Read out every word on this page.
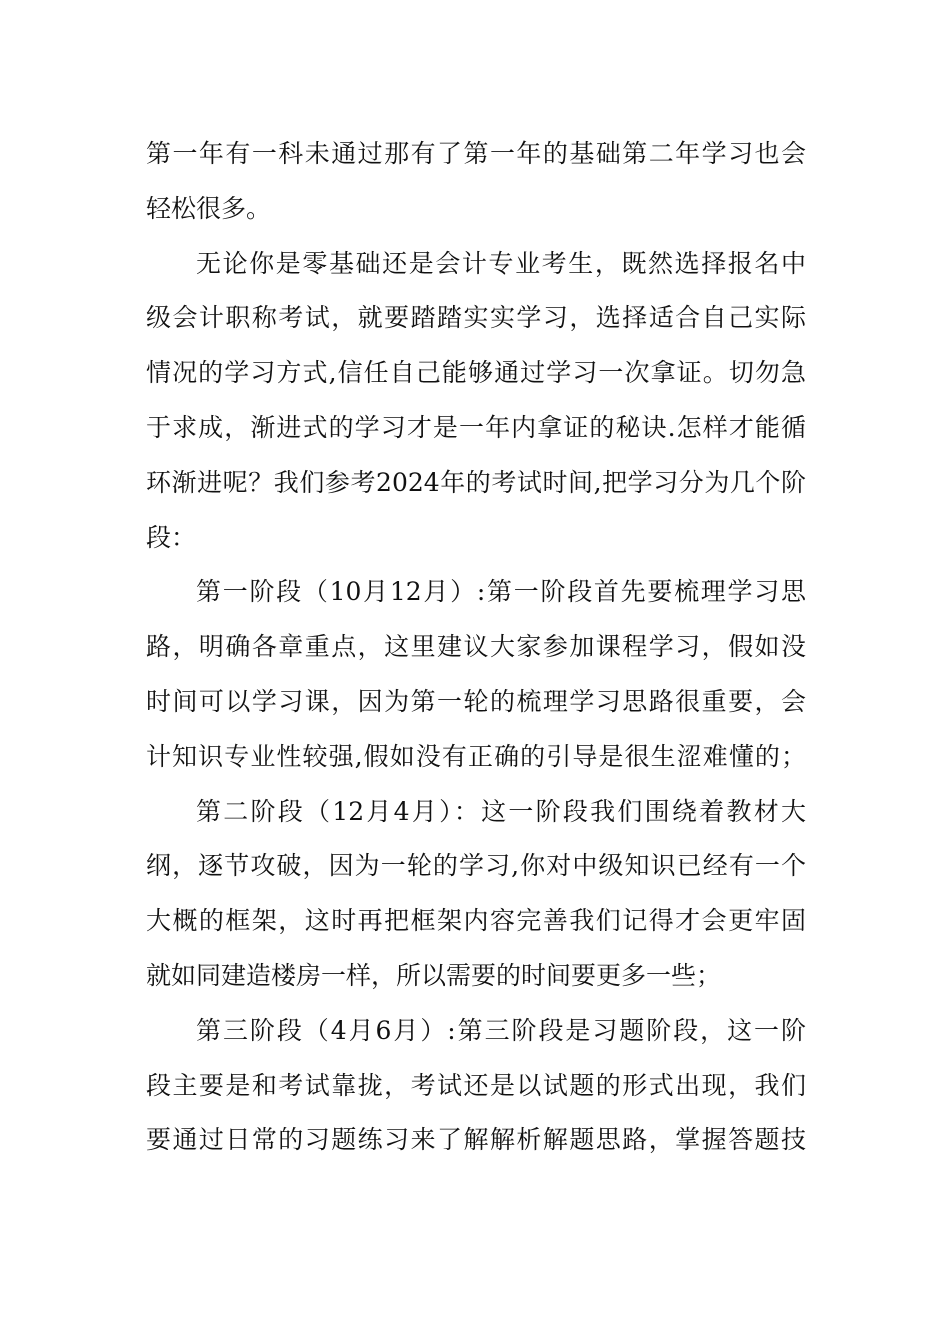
第一年有一科未通过那有了第一年的基础第二年学习也会
轻松很多。
无论你是零基础还是会计专业考生，既然选择报名中
级会计职称考试，就要踏踏实实学习，选择适合自己实际
情况的学习方式,信任自己能够通过学习一次拿证。切勿急
于求成，渐进式的学习才是一年内拿证的秘诀.怎样才能循
环渐进呢？我们参考2024年的考试时间,把学习分为几个阶
段：
第一阶段（10月12月）:第一阶段首先要梳理学习思
路，明确各章重点，这里建议大家参加课程学习，假如没
时间可以学习课，因为第一轮的梳理学习思路很重要，会
计知识专业性较强,假如没有正确的引导是很生涩难懂的；
第二阶段（12月4月）：这一阶段我们围绕着教材大
纲，逐节攻破，因为一轮的学习,你对中级知识已经有一个
大概的框架，这时再把框架内容完善我们记得才会更牢固
就如同建造楼房一样，所以需要的时间要更多一些；
第三阶段（4月6月）:第三阶段是习题阶段，这一阶
段主要是和考试靠拢，考试还是以试题的形式出现，我们
要通过日常的习题练习来了解解析解题思路，掌握答题技
